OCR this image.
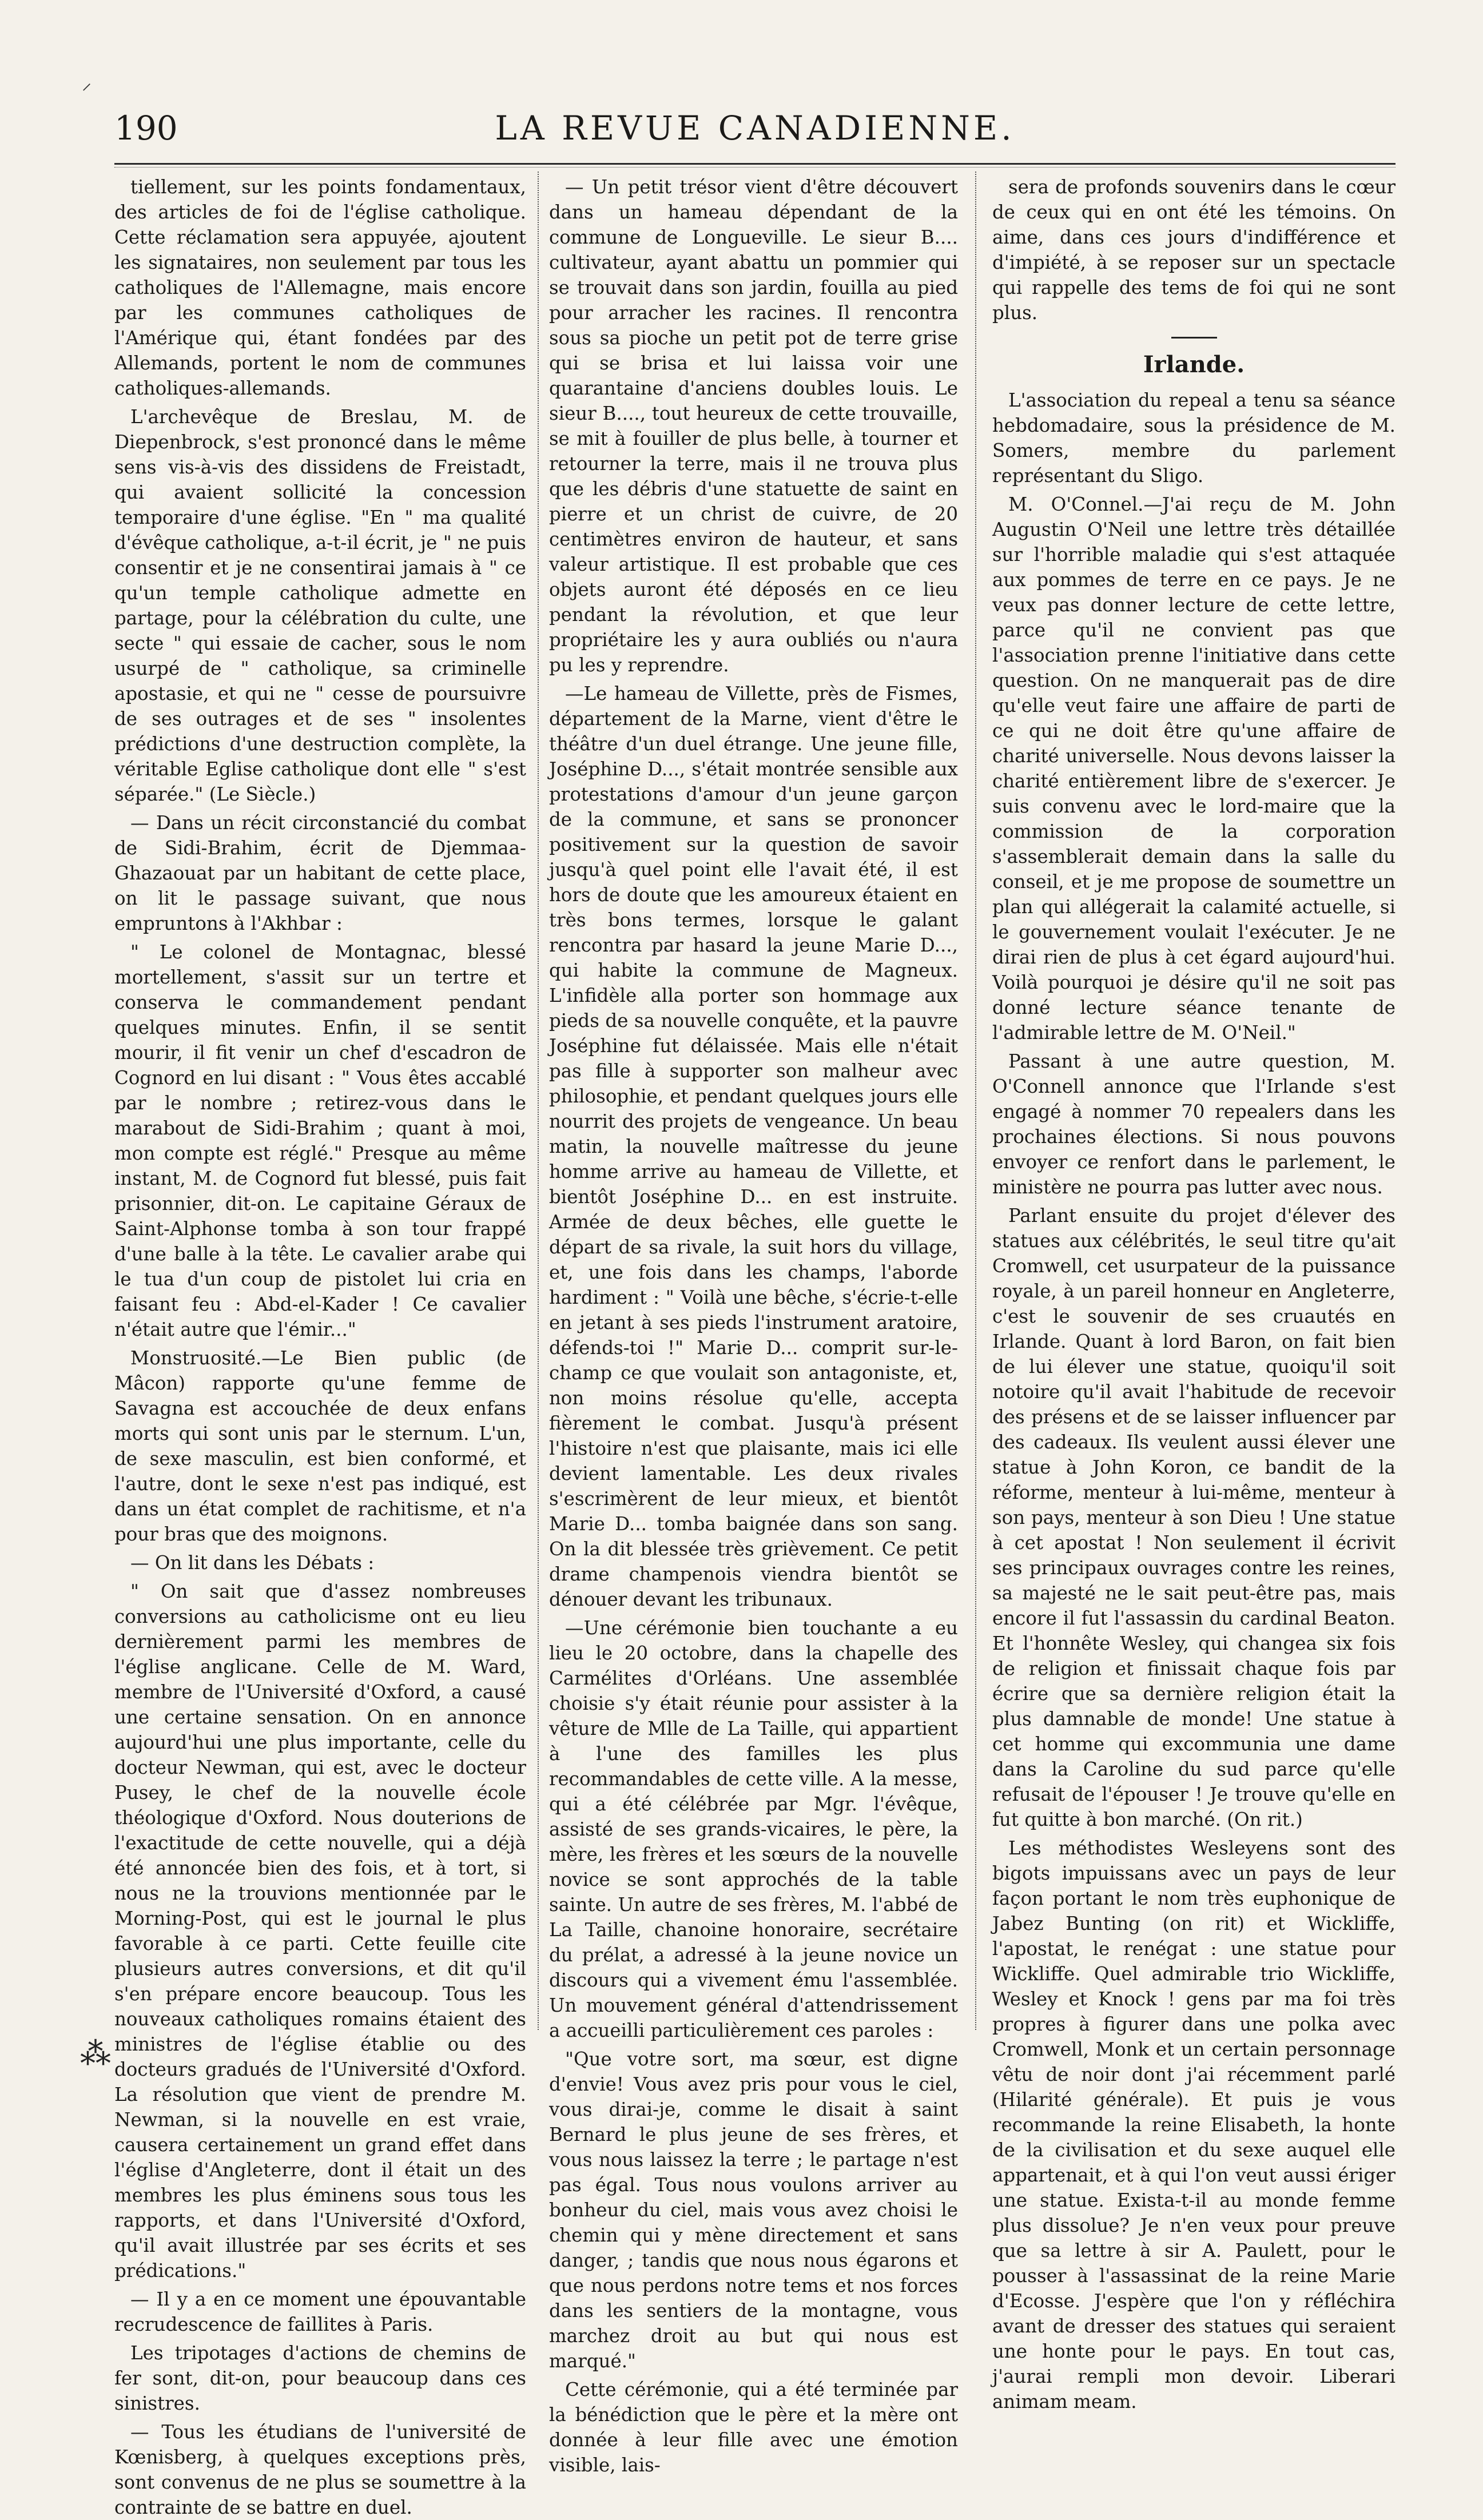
⸝
⁂
190	LA REVUE CANADIENNE.

tiellement, sur les points fondamentaux, des articles de foi de l'église catholique. Cette réclamation sera appuyée, ajoutent les signataires, non seulement par tous les catholiques de l'Allemagne, mais encore par les communes catholiques de l'Amérique qui, étant fondées par des Allemands, portent le nom de communes catholiques-allemands.

L'archevêque de Breslau, M. de Diepenbrock, s'est prononcé dans le même sens vis-à-vis des dissidens de Freistadt, qui avaient sollicité la concession temporaire d'une église. "En " ma qualité d'évêque catholique, a-t-il écrit, je " ne puis consentir et je ne consentirai jamais à " ce qu'un temple catholique admette en partage, pour la célébration du culte, une secte " qui essaie de cacher, sous le nom usurpé de " catholique, sa criminelle apostasie, et qui ne " cesse de poursuivre de ses outrages et de ses " insolentes prédictions d'une destruction complète, la véritable Eglise catholique dont elle " s'est séparée." (Le Siècle.)

— Dans un récit circonstancié du combat de Sidi-Brahim, écrit de Djemmaa-Ghazaouat par un habitant de cette place, on lit le passage suivant, que nous empruntons à l'Akhbar :

" Le colonel de Montagnac, blessé mortellement, s'assit sur un tertre et conserva le commandement pendant quelques minutes. Enfin, il se sentit mourir, il fit venir un chef d'escadron de Cognord en lui disant : " Vous êtes accablé par le nombre ; retirez-vous dans le marabout de Sidi-Brahim ; quant à moi, mon compte est réglé." Presque au même instant, M. de Cognord fut blessé, puis fait prisonnier, dit-on. Le capitaine Géraux de Saint-Alphonse tomba à son tour frappé d'une balle à la tête. Le cavalier arabe qui le tua d'un coup de pistolet lui cria en faisant feu : Abd-el-Kader ! Ce cavalier n'était autre que l'émir..."

Monstruosité.—Le Bien public (de Mâcon) rapporte qu'une femme de Savagna est accouchée de deux enfans morts qui sont unis par le sternum. L'un, de sexe masculin, est bien conformé, et l'autre, dont le sexe n'est pas indiqué, est dans un état complet de rachitisme, et n'a pour bras que des moignons.

— On lit dans les Débats :

" On sait que d'assez nombreuses conversions au catholicisme ont eu lieu dernièrement parmi les membres de l'église anglicane. Celle de M. Ward, membre de l'Université d'Oxford, a causé une certaine sensation. On en annonce aujourd'hui une plus importante, celle du docteur Newman, qui est, avec le docteur Pusey, le chef de la nouvelle école théologique d'Oxford. Nous douterions de l'exactitude de cette nouvelle, qui a déjà été annoncée bien des fois, et à tort, si nous ne la trouvions mentionnée par le Morning-Post, qui est le journal le plus favorable à ce parti. Cette feuille cite plusieurs autres conversions, et dit qu'il s'en prépare encore beaucoup. Tous les nouveaux catholiques romains étaient des ministres de l'église établie ou des docteurs gradués de l'Université d'Oxford. La résolution que vient de prendre M. Newman, si la nouvelle en est vraie, causera certainement un grand effet dans l'église d'Angleterre, dont il était un des membres les plus éminens sous tous les rapports, et dans l'Université d'Oxford, qu'il avait illustrée par ses écrits et ses prédications."

— Il y a en ce moment une épouvantable recrudescence de faillites à Paris.

Les tripotages d'actions de chemins de fer sont, dit-on, pour beaucoup dans ces sinistres.

— Tous les étudians de l'université de Kœnisberg, à quelques exceptions près, sont convenus de ne plus se soumettre à la contrainte de se battre en duel.

— Un petit trésor vient d'être découvert dans un hameau dépendant de la commune de Longueville. Le sieur B.... cultivateur, ayant abattu un pommier qui se trouvait dans son jardin, fouilla au pied pour arracher les racines. Il rencontra sous sa pioche un petit pot de terre grise qui se brisa et lui laissa voir une quarantaine d'anciens doubles louis. Le sieur B...., tout heureux de cette trouvaille, se mit à fouiller de plus belle, à tourner et retourner la terre, mais il ne trouva plus que les débris d'une statuette de saint en pierre et un christ de cuivre, de 20 centimètres environ de hauteur, et sans valeur artistique. Il est probable que ces objets auront été déposés en ce lieu pendant la révolution, et que leur propriétaire les y aura oubliés ou n'aura pu les y reprendre.

—Le hameau de Villette, près de Fismes, département de la Marne, vient d'être le théâtre d'un duel étrange. Une jeune fille, Joséphine D..., s'était montrée sensible aux protestations d'amour d'un jeune garçon de la commune, et sans se prononcer positivement sur la question de savoir jusqu'à quel point elle l'avait été, il est hors de doute que les amoureux étaient en très bons termes, lorsque le galant rencontra par hasard la jeune Marie D..., qui habite la commune de Magneux. L'infidèle alla porter son hommage aux pieds de sa nouvelle conquête, et la pauvre Joséphine fut délaissée. Mais elle n'était pas fille à supporter son malheur avec philosophie, et pendant quelques jours elle nourrit des projets de vengeance. Un beau matin, la nouvelle maîtresse du jeune homme arrive au hameau de Villette, et bientôt Joséphine D... en est instruite. Armée de deux bêches, elle guette le départ de sa rivale, la suit hors du village, et, une fois dans les champs, l'aborde hardiment : " Voilà une bêche, s'écrie-t-elle en jetant à ses pieds l'instrument aratoire, défends-toi !" Marie D... comprit sur-le-champ ce que voulait son antagoniste, et, non moins résolue qu'elle, accepta fièrement le combat. Jusqu'à présent l'histoire n'est que plaisante, mais ici elle devient lamentable. Les deux rivales s'escrimèrent de leur mieux, et bientôt Marie D... tomba baignée dans son sang. On la dit blessée très grièvement. Ce petit drame champenois viendra bientôt se dénouer devant les tribunaux.

—Une cérémonie bien touchante a eu lieu le 20 octobre, dans la chapelle des Carmélites d'Orléans. Une assemblée choisie s'y était réunie pour assister à la vêture de Mlle de La Taille, qui appartient à l'une des familles les plus recommandables de cette ville. A la messe, qui a été célébrée par Mgr. l'évêque, assisté de ses grands-vicaires, le père, la mère, les frères et les sœurs de la nouvelle novice se sont approchés de la table sainte. Un autre de ses frères, M. l'abbé de La Taille, chanoine honoraire, secrétaire du prélat, a adressé à la jeune novice un discours qui a vivement ému l'assemblée. Un mouvement général d'attendrissement a accueilli particulièrement ces paroles :

"Que votre sort, ma sœur, est digne d'envie! Vous avez pris pour vous le ciel, vous dirai-je, comme le disait à saint Bernard le plus jeune de ses frères, et vous nous laissez la terre ; le partage n'est pas égal. Tous nous voulons arriver au bonheur du ciel, mais vous avez choisi le chemin qui y mène directement et sans danger, ; tandis que nous nous égarons et que nous perdons notre tems et nos forces dans les sentiers de la montagne, vous marchez droit au but qui nous est marqué."

Cette cérémonie, qui a été terminée par la bénédiction que le père et la mère ont donnée à leur fille avec une émotion visible, lais-

sera de profonds souvenirs dans le cœur de ceux qui en ont été les témoins. On aime, dans ces jours d'indifférence et d'impiété, à se reposer sur un spectacle qui rappelle des tems de foi qui ne sont plus.

Irlande.

L'association du repeal a tenu sa séance hebdomadaire, sous la présidence de M. Somers, membre du parlement représentant du Sligo.

M. O'Connel.—J'ai reçu de M. John Augustin O'Neil une lettre très détaillée sur l'horrible maladie qui s'est attaquée aux pommes de terre en ce pays. Je ne veux pas donner lecture de cette lettre, parce qu'il ne convient pas que l'association prenne l'initiative dans cette question. On ne manquerait pas de dire qu'elle veut faire une affaire de parti de ce qui ne doit être qu'une affaire de charité universelle. Nous devons laisser la charité entièrement libre de s'exercer. Je suis convenu avec le lord-maire que la commission de la corporation s'assemblerait demain dans la salle du conseil, et je me propose de soumettre un plan qui allégerait la calamité actuelle, si le gouvernement voulait l'exécuter. Je ne dirai rien de plus à cet égard aujourd'hui. Voilà pourquoi je désire qu'il ne soit pas donné lecture séance tenante de l'admirable lettre de M. O'Neil."

Passant à une autre question, M. O'Connell annonce que l'Irlande s'est engagé à nommer 70 repealers dans les prochaines élections. Si nous pouvons envoyer ce renfort dans le parlement, le ministère ne pourra pas lutter avec nous.

Parlant ensuite du projet d'élever des statues aux célébrités, le seul titre qu'ait Cromwell, cet usurpateur de la puissance royale, à un pareil honneur en Angleterre, c'est le souvenir de ses cruautés en Irlande. Quant à lord Baron, on fait bien de lui élever une statue, quoiqu'il soit notoire qu'il avait l'habitude de recevoir des présens et de se laisser influencer par des cadeaux. Ils veulent aussi élever une statue à John Koron, ce bandit de la réforme, menteur à lui-même, menteur à son pays, menteur à son Dieu ! Une statue à cet apostat ! Non seulement il écrivit ses principaux ouvrages contre les reines, sa majesté ne le sait peut-être pas, mais encore il fut l'assassin du cardinal Beaton. Et l'honnête Wesley, qui changea six fois de religion et finissait chaque fois par écrire que sa dernière religion était la plus damnable de monde! Une statue à cet homme qui excommunia une dame dans la Caroline du sud parce qu'elle refusait de l'épouser ! Je trouve qu'elle en fut quitte à bon marché. (On rit.)

Les méthodistes Wesleyens sont des bigots impuissans avec un pays de leur façon portant le nom très euphonique de Jabez Bunting (on rit) et Wickliffe, l'apostat, le renégat : une statue pour Wickliffe. Quel admirable trio Wickliffe, Wesley et Knock ! gens par ma foi très propres à figurer dans une polka avec Cromwell, Monk et un certain personnage vêtu de noir dont j'ai récemment parlé (Hilarité générale). Et puis je vous recommande la reine Elisabeth, la honte de la civilisation et du sexe auquel elle appartenait, et à qui l'on veut aussi ériger une statue. Exista-t-il au monde femme plus dissolue? Je n'en veux pour preuve que sa lettre à sir A. Paulett, pour le pousser à l'assassinat de la reine Marie d'Ecosse. J'espère que l'on y réfléchira avant de dresser des statues qui seraient une honte pour le pays. En tout cas, j'aurai rempli mon devoir. Liberari animam meam.
